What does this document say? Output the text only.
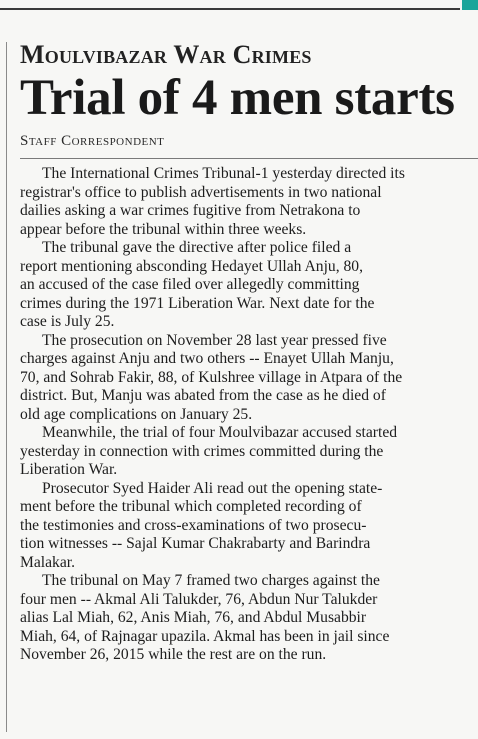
Moulvibazar War Crimes
Trial of 4 men starts
Staff Correspondent

The International Crimes Tribunal-1 yesterday directed its
registrar's office to publish advertisements in two national
dailies asking a war crimes fugitive from Netrakona to
appear before the tribunal within three weeks.

The tribunal gave the directive after police filed a
report mentioning absconding Hedayet Ullah Anju, 80,
an accused of the case filed over allegedly committing
crimes during the 1971 Liberation War. Next date for the
case is July 25.

The prosecution on November 28 last year pressed five
charges against Anju and two others -- Enayet Ullah Manju,
70, and Sohrab Fakir, 88, of Kulshree village in Atpara of the
district. But, Manju was abated from the case as he died of
old age complications on January 25.

Meanwhile, the trial of four Moulvibazar accused started
yesterday in connection with crimes committed during the
Liberation War.

Prosecutor Syed Haider Ali read out the opening state-
ment before the tribunal which completed recording of
the testimonies and cross-examinations of two prosecu-
tion witnesses -- Sajal Kumar Chakrabarty and Barindra
Malakar.

The tribunal on May 7 framed two charges against the
four men -- Akmal Ali Talukder, 76, Abdun Nur Talukder
alias Lal Miah, 62, Anis Miah, 76, and Abdul Musabbir
Miah, 64, of Rajnagar upazila. Akmal has been in jail since
November 26, 2015 while the rest are on the run.
